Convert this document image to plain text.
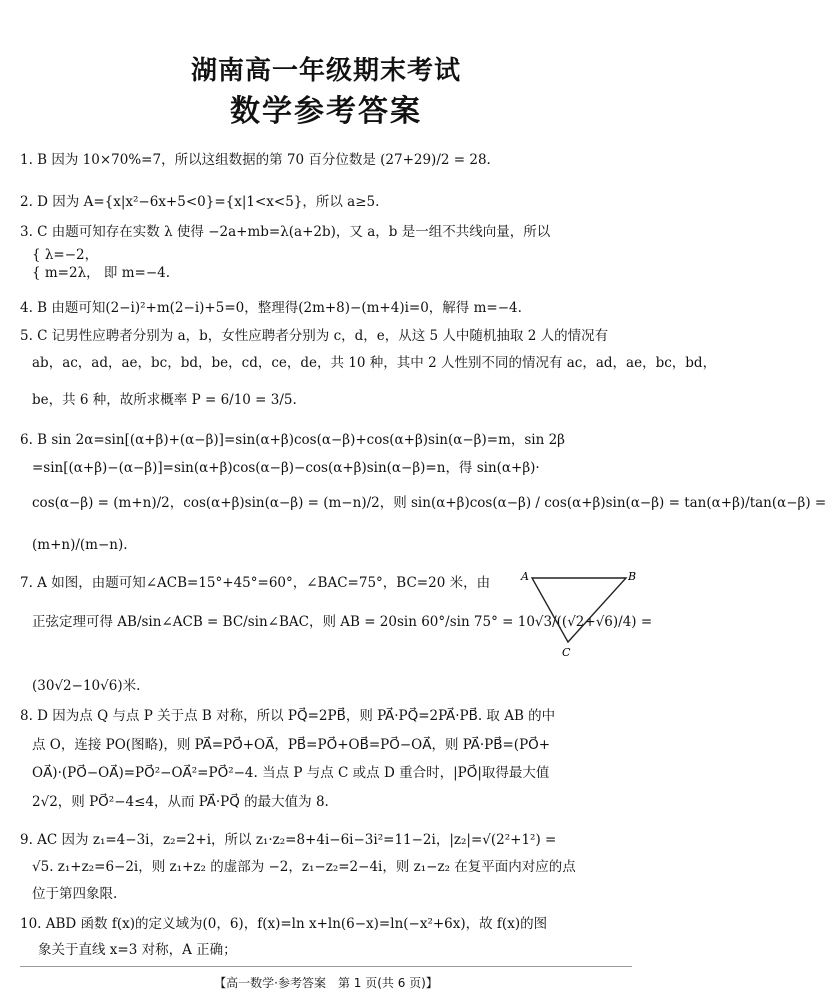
湖南高一年级期末考试
数学参考答案
1. B 因为 10×70%=7，所以这组数据的第 70 百分位数是 (27+29)/2 = 28.
2. D 因为 A={x|x²−6x+5<0}={x|1<x<5}，所以 a≥5.
3. C 由题可知存在实数 λ 使得 −2a+mb=λ(a+2b)，又 a，b 是一组不共线向量，所以
{ λ=−2，
{ m=2λ， 即 m=−4.
4. B 由题可知(2−i)²+m(2−i)+5=0，整理得(2m+8)−(m+4)i=0，解得 m=−4.
5. C 记男性应聘者分别为 a，b，女性应聘者分别为 c，d，e，从这 5 人中随机抽取 2 人的情况有
ab，ac，ad，ae，bc，bd，be，cd，ce，de，共 10 种，其中 2 人性别不同的情况有 ac，ad，ae，bc，bd，
be，共 6 种，故所求概率 P = 6/10 = 3/5.
6. B sin 2α=sin[(α+β)+(α−β)]=sin(α+β)cos(α−β)+cos(α+β)sin(α−β)=m，sin 2β
=sin[(α+β)−(α−β)]=sin(α+β)cos(α−β)−cos(α+β)sin(α−β)=n，得 sin(α+β)·
cos(α−β) = (m+n)/2，cos(α+β)sin(α−β) = (m−n)/2，则 sin(α+β)cos(α−β) / cos(α+β)sin(α−β) = tan(α+β)/tan(α−β) =
(m+n)/(m−n).
7. A 如图，由题可知∠ACB=15°+45°=60°，∠BAC=75°，BC=20 米，由
正弦定理可得 AB/sin∠ACB = BC/sin∠BAC，则 AB = 20sin 60°/sin 75° = 10√3/((√2+√6)/4) =
(30√2−10√6)米.
8. D 因为点 Q 与点 P 关于点 B 对称，所以 PQ⃗=2PB⃗，则 PA⃗·PQ⃗=2PA⃗·PB⃗. 取 AB 的中
点 O，连接 PO(图略)，则 PA⃗=PO⃗+OA⃗，PB⃗=PO⃗+OB⃗=PO⃗−OA⃗，则 PA⃗·PB⃗=(PO⃗+
OA⃗)·(PO⃗−OA⃗)=PO⃗²−OA⃗²=PO⃗²−4. 当点 P 与点 C 或点 D 重合时，|PO⃗|取得最大值
2√2，则 PO⃗²−4≤4，从而 PA⃗·PQ⃗ 的最大值为 8.
9. AC 因为 z₁=4−3i，z₂=2+i，所以 z₁·z₂=8+4i−6i−3i²=11−2i，|z₂|=√(2²+1²) =
√5. z₁+z₂=6−2i，则 z₁+z₂ 的虚部为 −2，z₁−z₂=2−4i，则 z₁−z₂ 在复平面内对应的点
位于第四象限.
10. ABD 函数 f(x)的定义域为(0，6)，f(x)=ln x+ln(6−x)=ln(−x²+6x)，故 f(x)的图
象关于直线 x=3 对称，A 正确；
A	B
C
【高一数学·参考答案　第 1 页(共 6 页)】
